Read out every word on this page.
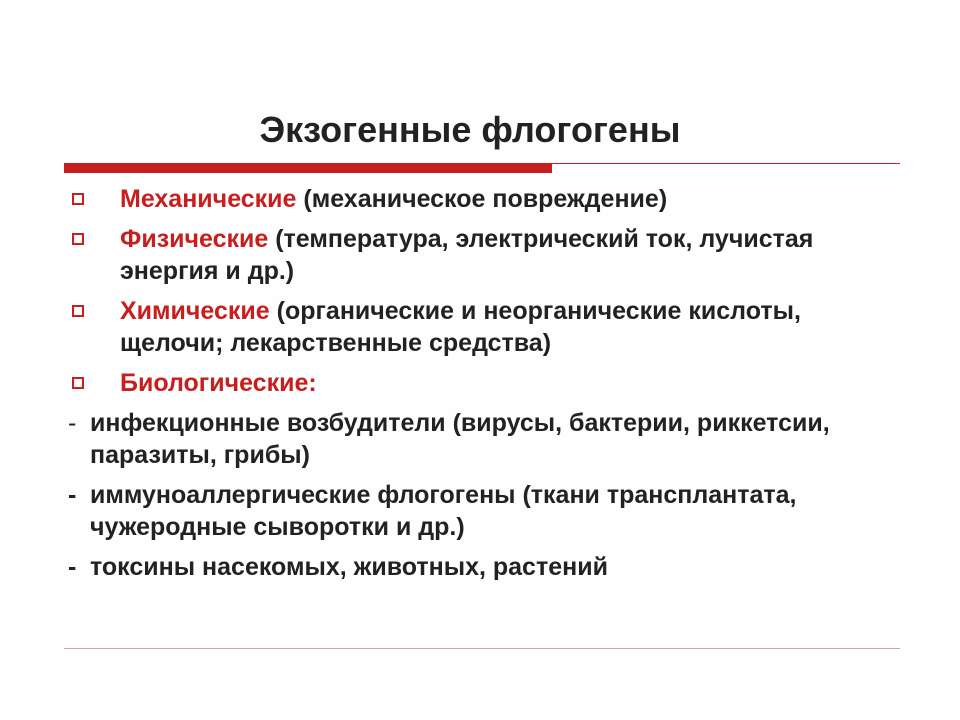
Экзогенные флогогены
Механические (механическое повреждение)
Физические (температура, электрический ток, лучистая энергия и др.)
Химические (органические и неорганические кислоты, щелочи; лекарственные средства)
Биологические:
- инфекционные возбудители (вирусы, бактерии, риккетсии, паразиты, грибы)
- иммуноаллергические флогогены (ткани трансплантата, чужеродные сыворотки и др.)
- токсины насекомых, животных, растений
